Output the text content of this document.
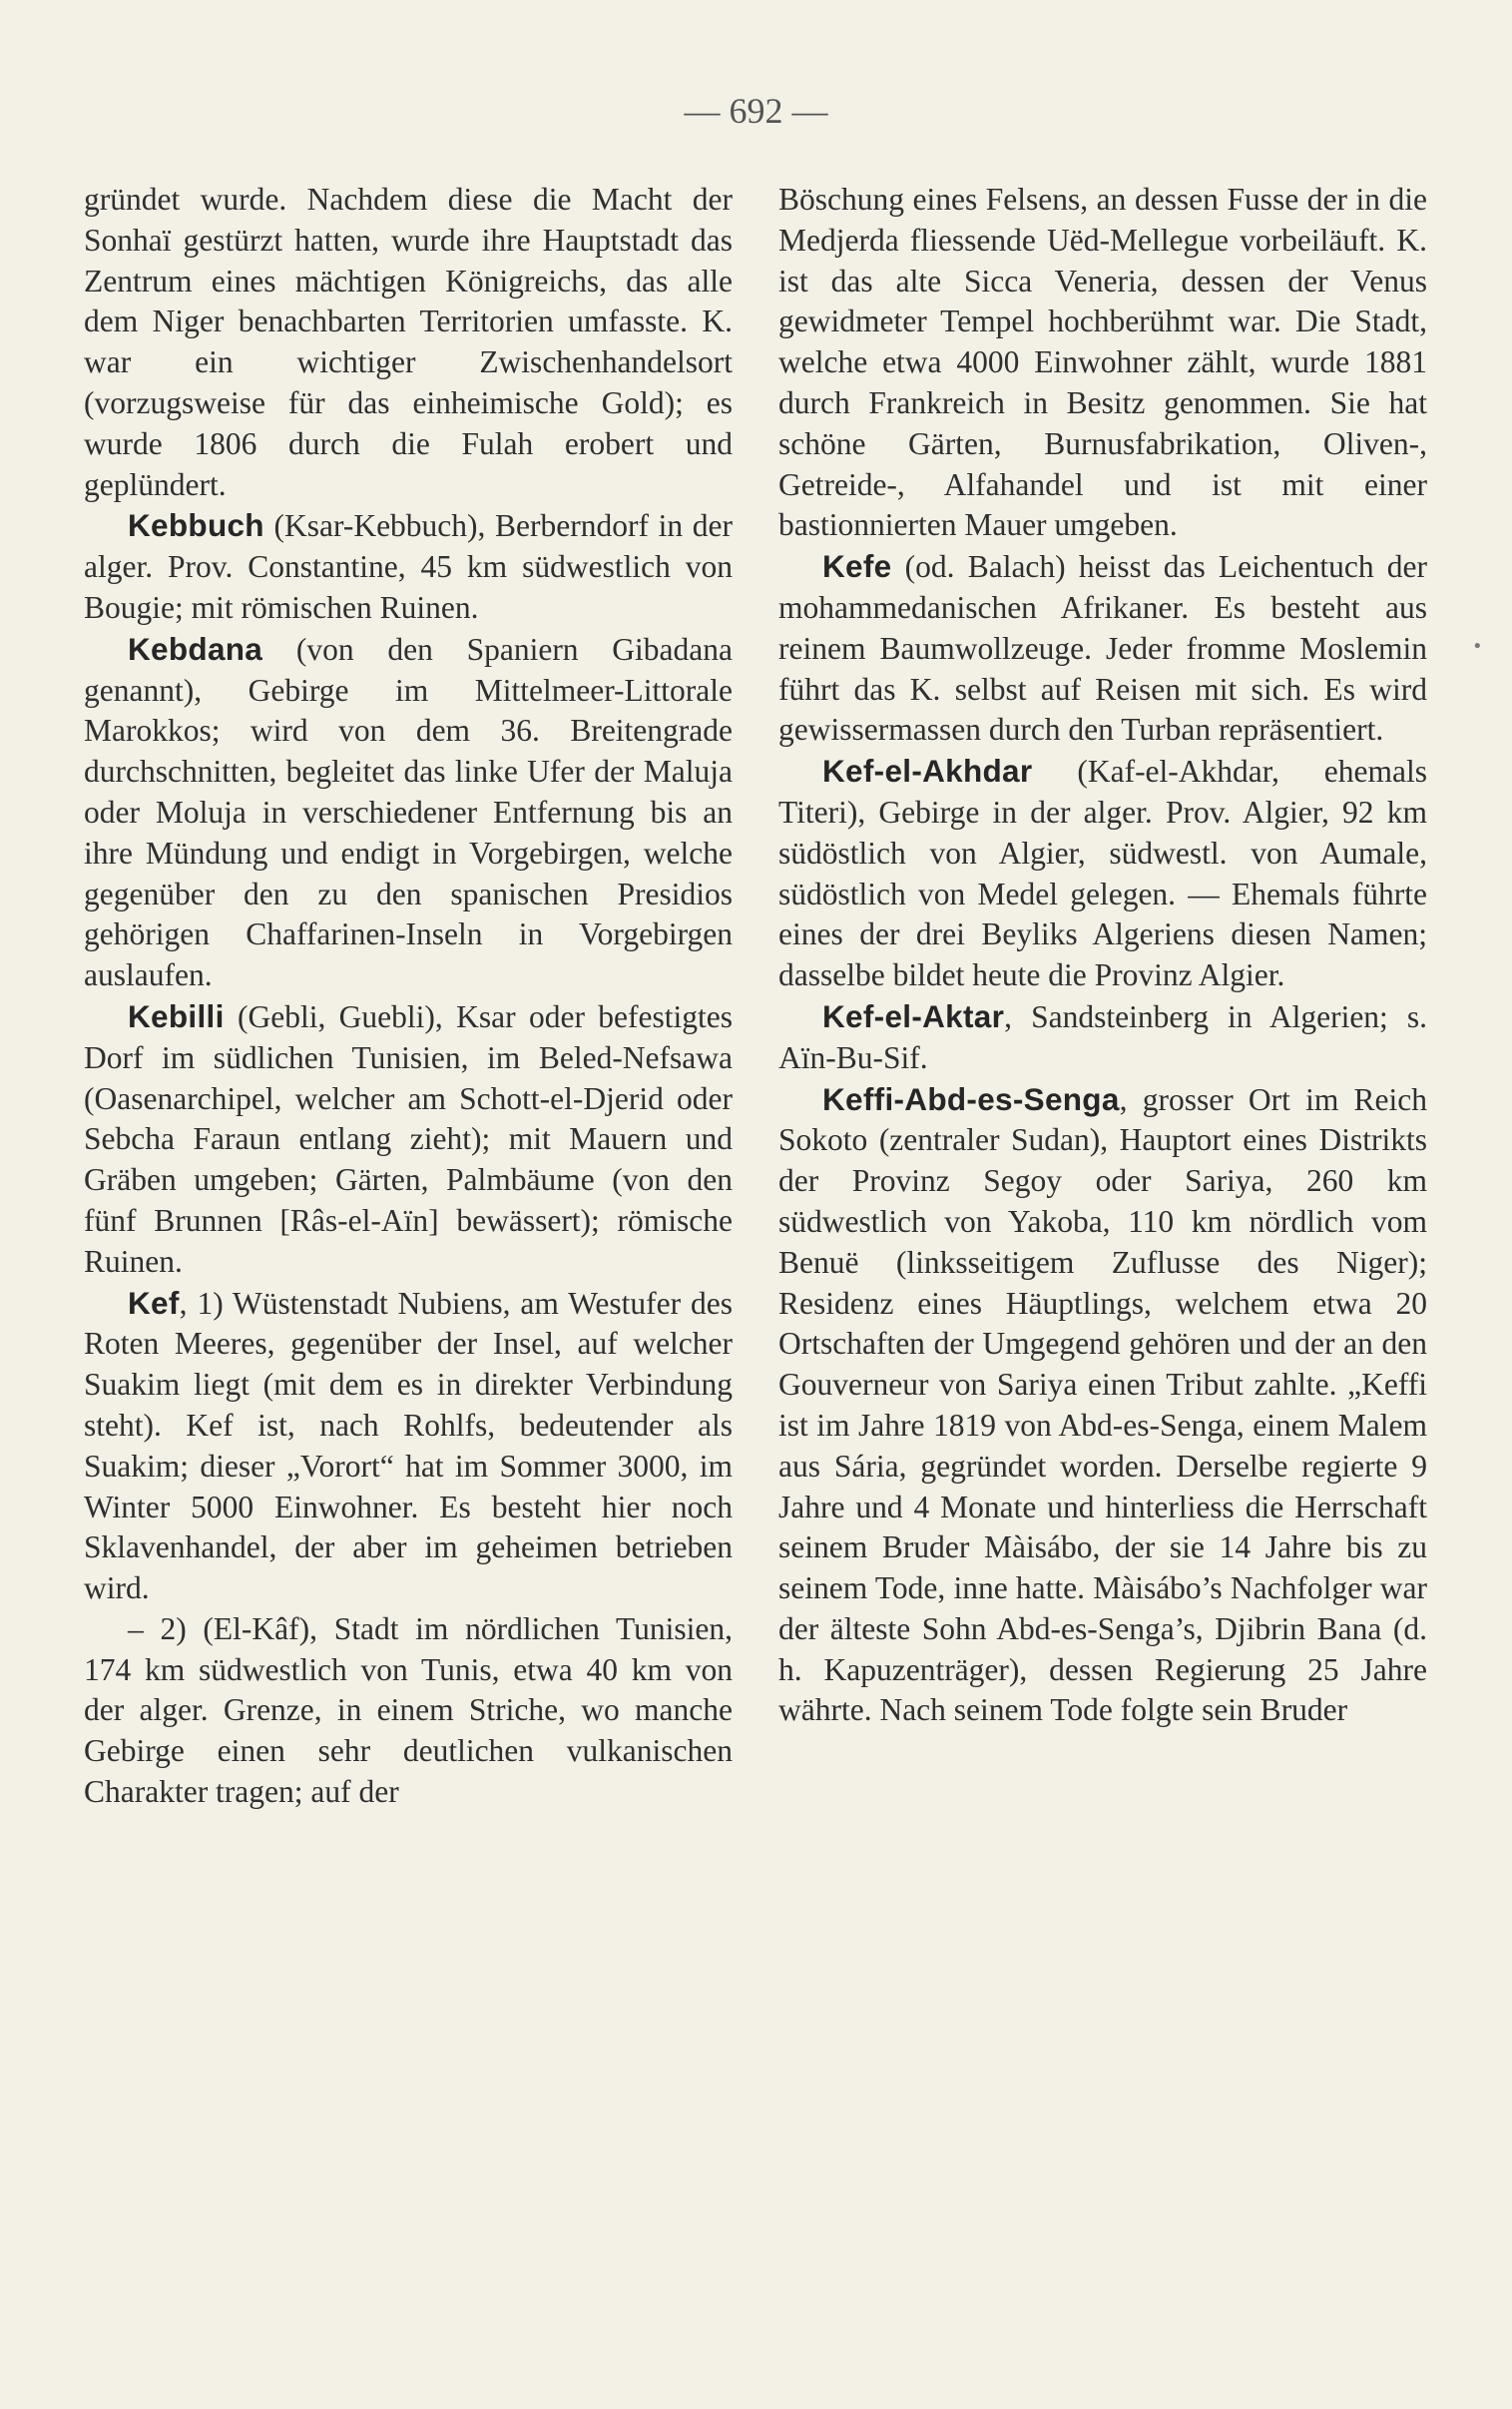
— 692 —

gründet wurde. Nachdem diese die Macht der Sonhaï gestürzt hatten, wurde ihre Hauptstadt das Zentrum eines mächtigen Königreichs, das alle dem Niger benachbarten Territorien umfasste. K. war ein wichtiger Zwischenhandelsort (vorzugsweise für das einheimische Gold); es wurde 1806 durch die Fulah erobert und geplündert.

Kebbuch (Ksar-Kebbuch), Berberndorf in der alger. Prov. Constantine, 45 km südwestlich von Bougie; mit römischen Ruinen.

Kebdana (von den Spaniern Gibadana genannt), Gebirge im Mittelmeer-Littorale Marokkos; wird von dem 36. Breitengrade durchschnitten, begleitet das linke Ufer der Maluja oder Moluja in verschiedener Entfernung bis an ihre Mündung und endigt in Vorgebirgen, welche gegenüber den zu den spanischen Presidios gehörigen Chaffarinen-Inseln in Vorgebirgen auslaufen.

Kebilli (Gebli, Guebli), Ksar oder befestigtes Dorf im südlichen Tunisien, im Beled-Nefsawa (Oasenarchipel, welcher am Schott-el-Djerid oder Sebcha Faraun entlang zieht); mit Mauern und Gräben umgeben; Gärten, Palmbäume (von den fünf Brunnen [Râs-el-Aïn] bewässert); römische Ruinen.

Kef, 1) Wüstenstadt Nubiens, am Westufer des Roten Meeres, gegenüber der Insel, auf welcher Suakim liegt (mit dem es in direkter Verbindung steht). Kef ist, nach Rohlfs, bedeutender als Suakim; dieser „Vorort“ hat im Sommer 3000, im Winter 5000 Einwohner. Es besteht hier noch Sklavenhandel, der aber im geheimen betrieben wird.

– 2) (El-Kâf), Stadt im nördlichen Tunisien, 174 km südwestlich von Tunis, etwa 40 km von der alger. Grenze, in einem Striche, wo manche Gebirge einen sehr deutlichen vulkanischen Charakter tragen; auf der

Böschung eines Felsens, an dessen Fusse der in die Medjerda fliessende Uëd-Mellegue vorbeiläuft. K. ist das alte Sicca Veneria, dessen der Venus gewidmeter Tempel hochberühmt war. Die Stadt, welche etwa 4000 Einwohner zählt, wurde 1881 durch Frankreich in Besitz genommen. Sie hat schöne Gärten, Burnusfabrikation, Oliven-, Getreide-, Alfahandel und ist mit einer bastionnierten Mauer umgeben.

Kefe (od. Balach) heisst das Leichentuch der mohammedanischen Afrikaner. Es besteht aus reinem Baumwollzeuge. Jeder fromme Moslemin führt das K. selbst auf Reisen mit sich. Es wird gewissermassen durch den Turban repräsentiert.

Kef-el-Akhdar (Kaf-el-Akhdar, ehemals Titeri), Gebirge in der alger. Prov. Algier, 92 km südöstlich von Algier, südwestl. von Aumale, südöstlich von Medel gelegen. — Ehemals führte eines der drei Beyliks Algeriens diesen Namen; dasselbe bildet heute die Provinz Algier.

Kef-el-Aktar, Sandsteinberg in Algerien; s. Aïn-Bu-Sif.

Keffi-Abd-es-Senga, grosser Ort im Reich Sokoto (zentraler Sudan), Hauptort eines Distrikts der Provinz Segoy oder Sariya, 260 km südwestlich von Yakoba, 110 km nördlich vom Benuë (linksseitigem Zuflusse des Niger); Residenz eines Häuptlings, welchem etwa 20 Ortschaften der Umgegend gehören und der an den Gouverneur von Sariya einen Tribut zahlte. „Keffi ist im Jahre 1819 von Abd-es-Senga, einem Malem aus Sária, gegründet worden. Derselbe regierte 9 Jahre und 4 Monate und hinterliess die Herrschaft seinem Bruder Màisábo, der sie 14 Jahre bis zu seinem Tode, inne hatte. Màisábo’s Nachfolger war der älteste Sohn Abd-es-Senga’s, Djibrin Bana (d. h. Kapuzenträger), dessen Regierung 25 Jahre währte. Nach seinem Tode folgte sein Bruder

•
